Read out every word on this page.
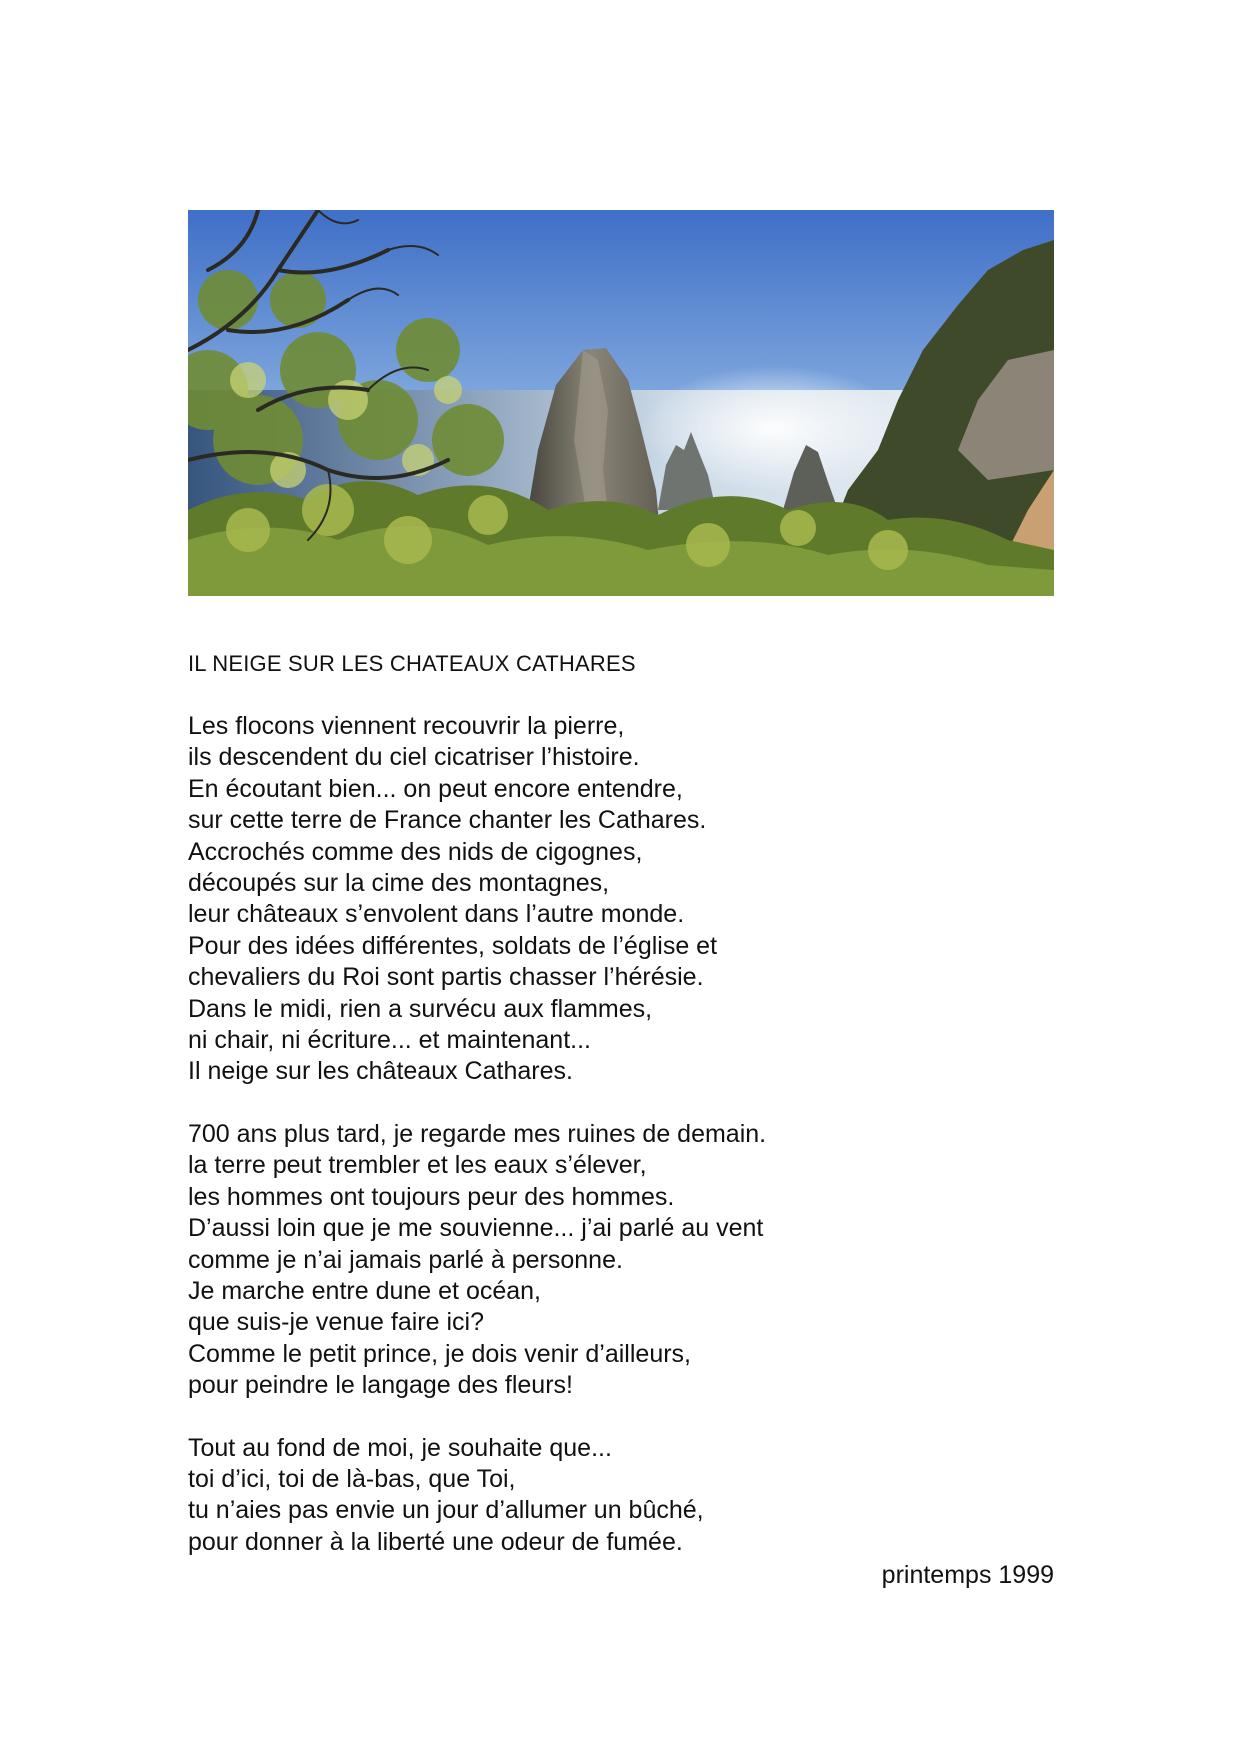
IL NEIGE SUR LES CHATEAUX CATHARES
Les flocons viennent recouvrir la pierre,
ils descendent du ciel cicatriser l’histoire.
En écoutant bien... on peut encore entendre,
sur cette terre de France chanter les Cathares.
Accrochés comme des nids de cigognes,
découpés sur la cime des montagnes,
leur châteaux s’envolent dans l’autre monde.
Pour des idées différentes, soldats de l’église et
chevaliers du Roi sont partis chasser l’hérésie.
Dans le midi, rien a survécu aux flammes,
ni chair, ni écriture... et maintenant...
Il neige sur les châteaux Cathares.
700 ans plus tard, je regarde mes ruines de demain.
la terre peut trembler et les eaux s’élever,
les hommes ont toujours peur des hommes.
D’aussi loin que je me souvienne... j’ai parlé au vent
comme je n’ai jamais parlé à personne.
Je marche entre dune et océan,
que suis-je venue faire ici?
Comme le petit prince, je dois venir d’ailleurs,
pour peindre le langage des fleurs!
Tout au fond de moi, je souhaite que...
toi d’ici, toi de là-bas, que Toi,
tu n’aies pas envie un jour d’allumer un bûché,
pour donner à la liberté une odeur de fumée.
printemps 1999
